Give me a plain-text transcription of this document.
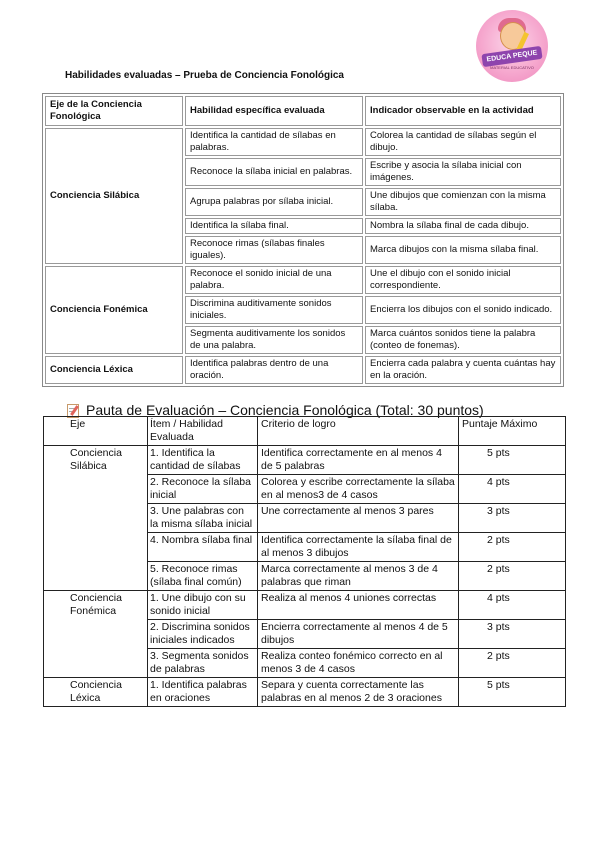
EDUCA PEQUE
MATERIAL EDUCATIVO
Habilidades evaluadas – Prueba de Conciencia Fonológica
Eje de la Conciencia Fonológica	Habilidad específica evaluada	Indicador observable en la actividad
Conciencia Silábica	Identifica la cantidad de sílabas en palabras.	Colorea la cantidad de sílabas según el dibujo.
	Reconoce la sílaba inicial en palabras.	Escribe y asocia la sílaba inicial con imágenes.
	Agrupa palabras por sílaba inicial.	Une dibujos que comienzan con la misma sílaba.
	Identifica la sílaba final.	Nombra la sílaba final de cada dibujo.
	Reconoce rimas (sílabas finales iguales).	Marca dibujos con la misma sílaba final.
Conciencia Fonémica	Reconoce el sonido inicial de una palabra.	Une el dibujo con el sonido inicial correspondiente.
	Discrimina auditivamente sonidos iniciales.	Encierra los dibujos con el sonido indicado.
	Segmenta auditivamente los sonidos de una palabra.	Marca cuántos sonidos tiene la palabra (conteo de fonemas).
Conciencia Léxica	Identifica palabras dentro de una oración.	Encierra cada palabra y cuenta cuántas hay en la oración.
Pauta de Evaluación – Conciencia Fonológica (Total: 30 puntos)
Eje	Ítem / Habilidad Evaluada	Criterio de logro	Puntaje Máximo
Conciencia Silábica	1. Identifica la cantidad de sílabas	Identifica correctamente en al menos 4 de 5 palabras	5 pts
	2. Reconoce la sílaba inicial	Colorea y escribe correctamente la sílaba en al menos3 de 4 casos	4 pts
	3. Une palabras con la misma sílaba inicial	Une correctamente al menos 3 pares	3 pts
	4. Nombra sílaba final	Identifica correctamente la sílaba final de al menos 3 dibujos	2 pts
	5. Reconoce rimas (sílaba final común)	Marca correctamente al menos 3 de 4 palabras que riman	2 pts
Conciencia Fonémica	1. Une dibujo con su sonido inicial	Realiza al menos 4 uniones correctas	4 pts
	2. Discrimina sonidos iniciales indicados	Encierra correctamente al menos 4 de 5 dibujos	3 pts
	3. Segmenta sonidos de palabras	Realiza conteo fonémico correcto en al menos 3 de 4 casos	2 pts
Conciencia Léxica	1. Identifica palabras en oraciones	Separa y cuenta correctamente las palabras en al menos 2 de 3 oraciones	5 pts
